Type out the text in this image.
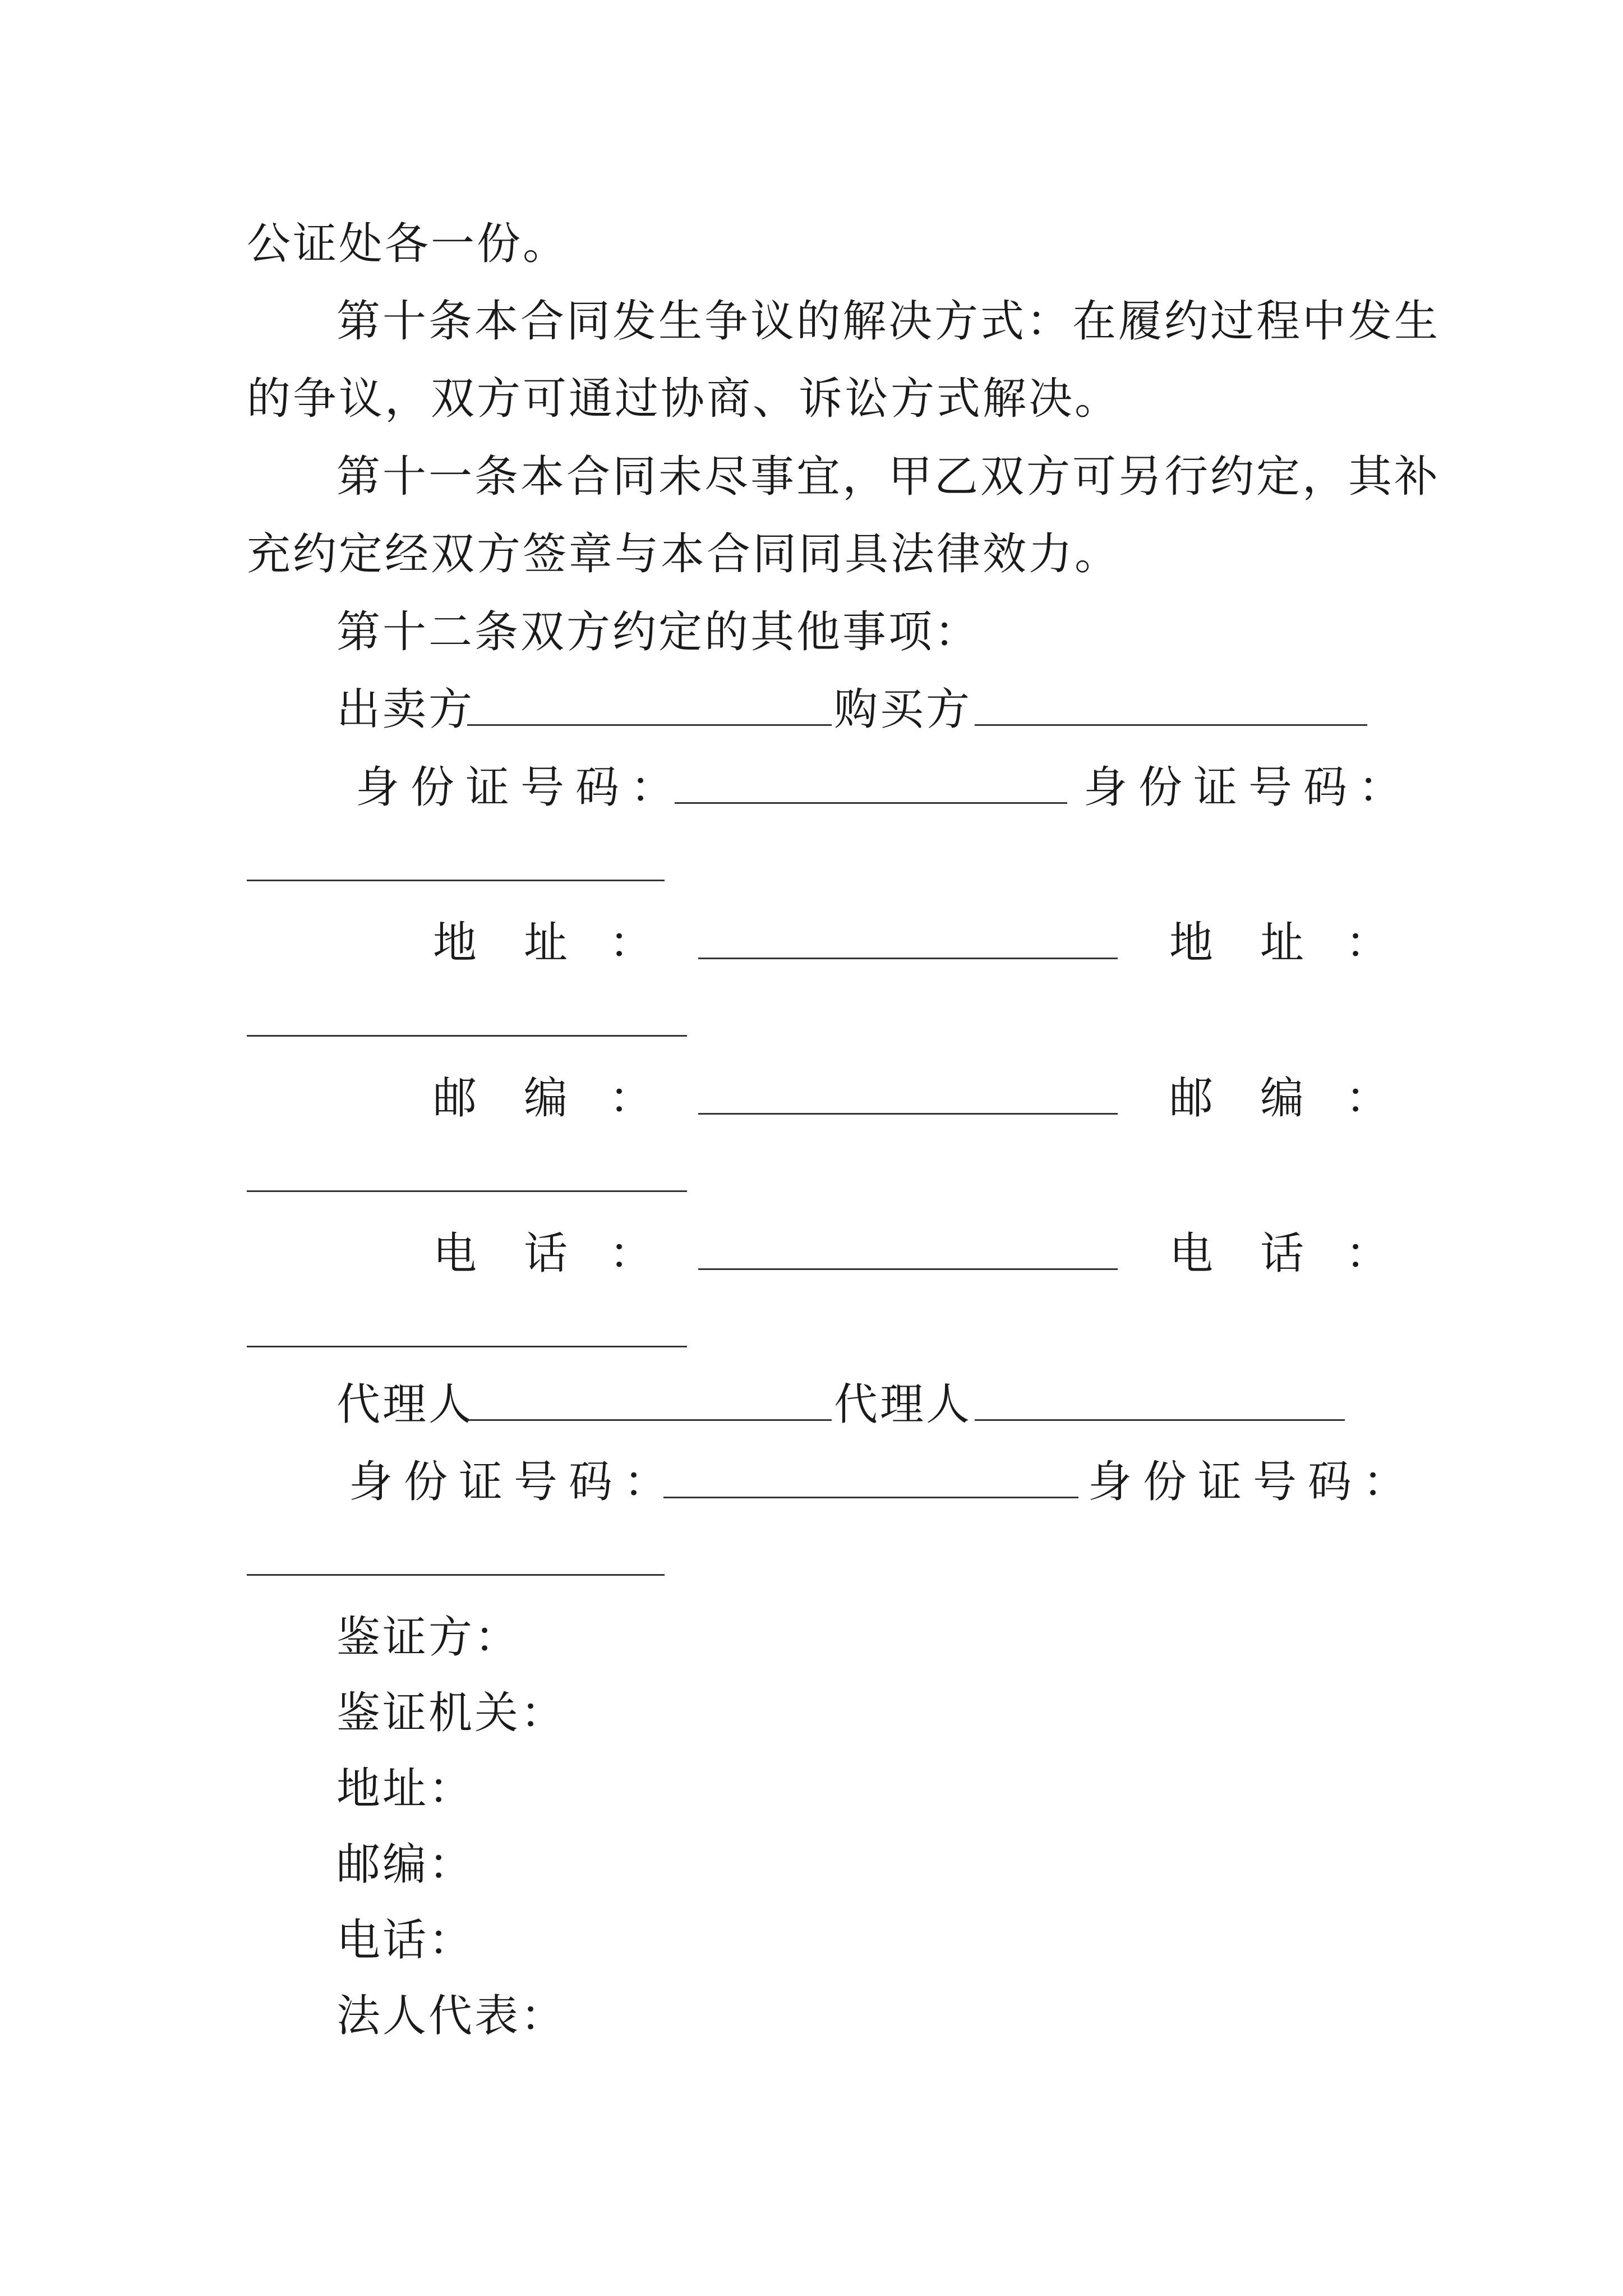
公证处各一份。
第十条本合同发生争议的解决方式：在履约过程中发生
的争议，双方可通过协商、诉讼方式解决。
第十一条本合同未尽事宜，甲乙双方可另行约定，其补
充约定经双方签章与本合同同具法律效力。
第十二条双方约定的其他事项：
出卖方	购买方
身份证号码：	身份证号码：
地 址 ：	地 址 ：
邮 编 ：	邮 编 ：
电 话 ：	电 话 ：
代理人	代理人
身份证号码：	身份证号码：
鉴证方：
鉴证机关：
地址：
邮编：
电话：
法人代表：
